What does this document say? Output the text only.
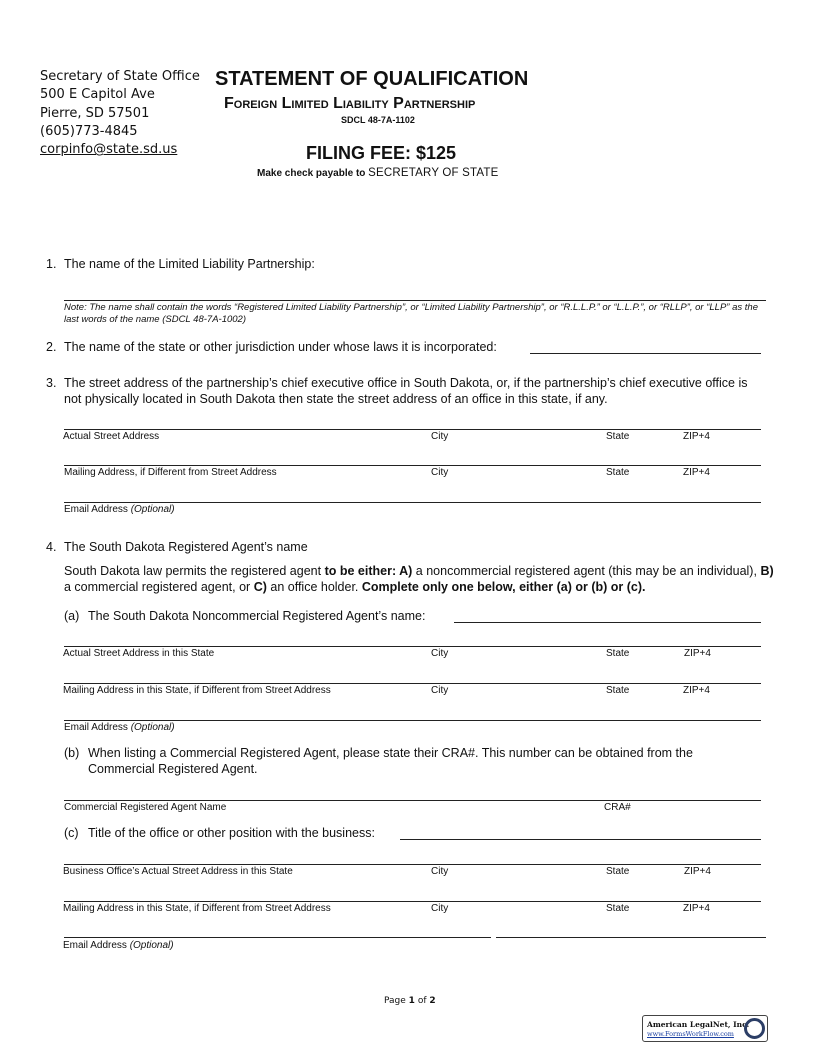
Secretary of State Office
500 E Capitol Ave
Pierre, SD 57501
(605)773-4845
corpinfo@state.sd.us
STATEMENT OF QUALIFICATION
Foreign Limited Liability Partnership
SDCL 48-7A-1102
FILING FEE: $125
Make check payable to SECRETARY OF STATE
1. The name of the Limited Liability Partnership:
Note: The name shall contain the words “Registered Limited Liability Partnership”, or “Limited Liability Partnership”, or “R.L.L.P.” or “L.L.P.”, or “RLLP”, or “LLP” as the last words of the name (SDCL 48-7A-1002)
2. The name of the state or other jurisdiction under whose laws it is incorporated:
3. The street address of the partnership’s chief executive office in South Dakota, or, if the partnership’s chief executive office is not physically located in South Dakota then state the street address of an office in this state, if any.
Actual Street Address	City	State	ZIP+4
Mailing Address, if Different from Street Address	City	State	ZIP+4
Email Address (Optional)
4. The South Dakota Registered Agent’s name
South Dakota law permits the registered agent to be either: A) a noncommercial registered agent (this may be an individual), B) a commercial registered agent, or C) an office holder. Complete only one below, either (a) or (b) or (c).
(a) The South Dakota Noncommercial Registered Agent’s name:
Actual Street Address in this State	City	State	ZIP+4
Mailing Address in this State, if Different from Street Address	City	State	ZIP+4
Email Address (Optional)
(b) When listing a Commercial Registered Agent, please state their CRA#. This number can be obtained from the Commercial Registered Agent.
Commercial Registered Agent Name	CRA#
(c) Title of the office or other position with the business:
Business Office’s Actual Street Address in this State	City	State	ZIP+4
Mailing Address in this State, if Different from Street Address	City	State	ZIP+4
Email Address (Optional)
Page 1 of 2
American LegalNet, Inc.
www.FormsWorkFlow.com
